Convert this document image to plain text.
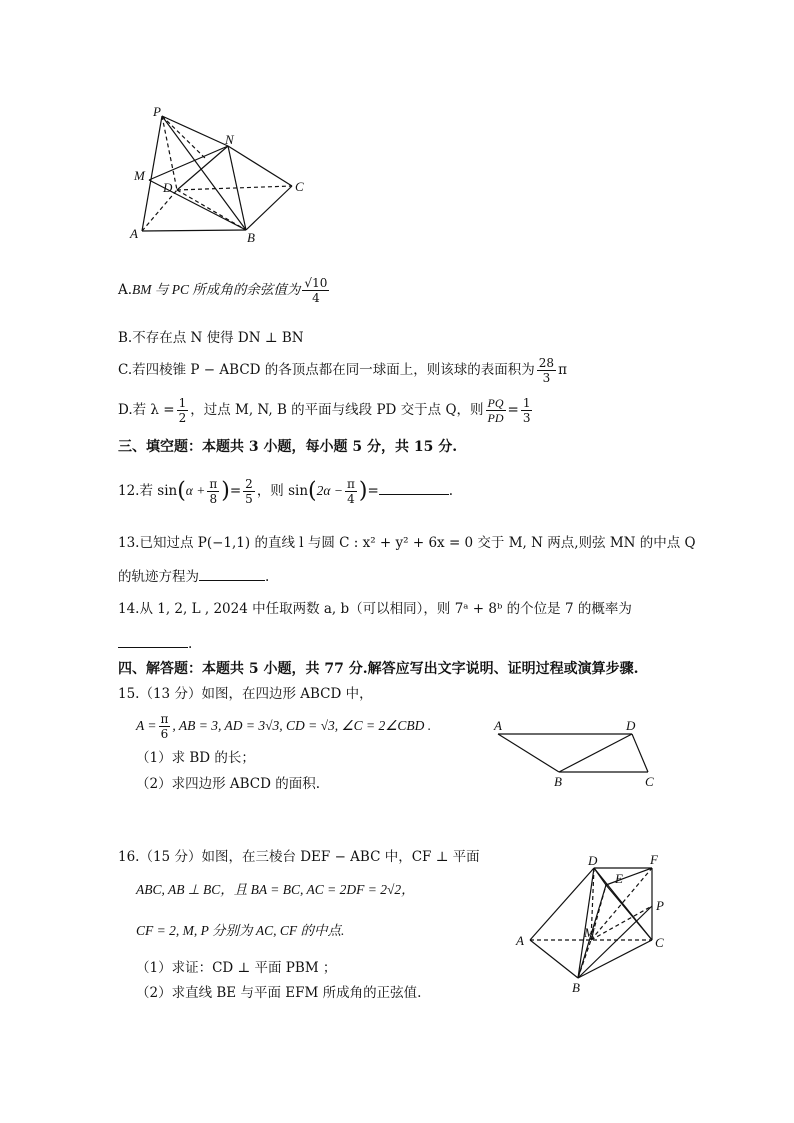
P
N
M
D	C
A	B
A.BM 与 PC 所成角的余弦值为 $\frac{√10}{4}$
B.不存在点 N 使得 DN ⊥ BN
C.若四棱锥 P − ABCD 的各顶点都在同一球面上，则该球的表面积为 $\frac{28}{3}$ π
D.若 $\lambda = \frac{1}{2}$ ，过点 M, N, B 的平面与线段 PD 交于点 Q，则 $\frac{PQ}{PD} = \frac{1}{3}$
三、填空题：本题共 3 小题，每小题 5 分，共 15 分.
12.若 $\sin(\alpha + \frac{\pi}{8}$ )= $\frac{2}{5}$ ，则 $\sin(2\alpha - \frac{\pi}{4}$ )=	.
13.已知过点 P(−1,1) 的直线 l 与圆 C : x² + y² + 6x = 0 交于 M, N 两点,则弦 MN 的中点 Q
的轨迹方程为	.
14.从 1, 2, L , 2024 中任取两数 a, b（可以相同），则 7ᵃ + 8ᵇ 的个位是 7 的概率为
.
四、解答题：本题共 5 小题，共 77 分.解答应写出文字说明、证明过程或演算步骤.
15.（13 分）如图，在四边形 ABCD 中，
$A = \frac{\pi}{6}$ , AB = 3, AD = 3√3, CD = √3, ∠C = 2∠CBD .
（1）求 BD 的长；
（2）求四边形 ABCD 的面积.
A	D
B	C
16.（15 分）如图，在三棱台 DEF − ABC 中，CF ⊥ 平面
ABC, AB ⊥ BC，且 BA = BC, AC = 2DF = 2√2，
CF = 2, M, P 分别为 AC, CF 的中点.
（1）求证：CD ⊥ 平面 PBM ；
（2）求直线 BE 与平面 EFM 所成角的正弦值.
D	F
E
P
A
M
C
B
